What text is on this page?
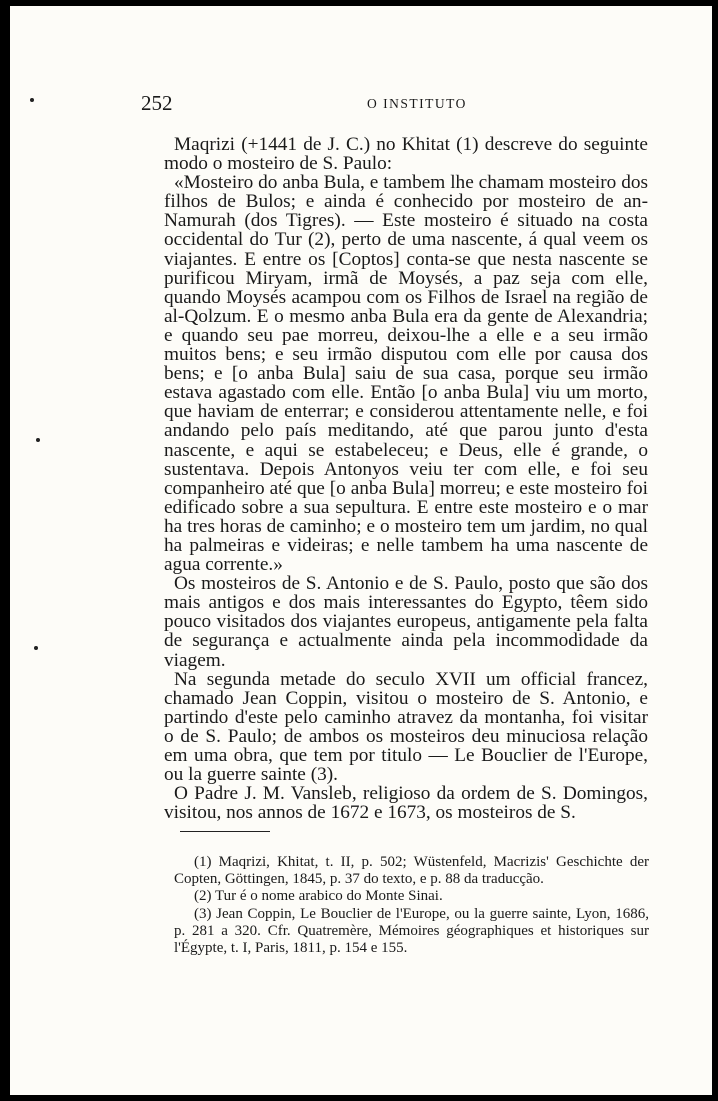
252	O INSTITUTO

Maqrizi (+1441 de J. C.) no Khitat (1) descreve do seguinte modo o mosteiro de S. Paulo:

«Mosteiro do anba Bula, e tambem lhe chamam mosteiro dos filhos de Bulos; e ainda é conhecido por mosteiro de an-Namurah (dos Tigres). — Este mosteiro é situado na costa occidental do Tur (2), perto de uma nascente, á qual veem os viajantes. E entre os [Coptos] conta-se que nesta nascente se purificou Miryam, irmã de Moysés, a paz seja com elle, quando Moysés acampou com os Filhos de Israel na região de al-Qolzum. E o mesmo anba Bula era da gente de Alexandria; e quando seu pae morreu, deixou-lhe a elle e a seu irmão muitos bens; e seu irmão disputou com elle por causa dos bens; e [o anba Bula] saiu de sua casa, porque seu irmão estava agastado com elle. Então [o anba Bula] viu um morto, que haviam de enterrar; e considerou attentamente nelle, e foi andando pelo país meditando, até que parou junto d'esta nascente, e aqui se estabeleceu; e Deus, elle é grande, o sustentava. Depois Antonyos veiu ter com elle, e foi seu companheiro até que [o anba Bula] morreu; e este mosteiro foi edificado sobre a sua sepultura. E entre este mosteiro e o mar ha tres horas de caminho; e o mosteiro tem um jardim, no qual ha palmeiras e videiras; e nelle tambem ha uma nascente de agua corrente.»

Os mosteiros de S. Antonio e de S. Paulo, posto que são dos mais antigos e dos mais interessantes do Egypto, têem sido pouco visitados dos viajantes europeus, antigamente pela falta de segurança e actualmente ainda pela incommodidade da viagem.

Na segunda metade do seculo XVII um official francez, chamado Jean Coppin, visitou o mosteiro de S. Antonio, e partindo d'este pelo caminho atravez da montanha, foi visitar o de S. Paulo; de ambos os mosteiros deu minuciosa relação em uma obra, que tem por titulo — Le Bouclier de l'Europe, ou la guerre sainte (3).

O Padre J. M. Vansleb, religioso da ordem de S. Domingos, visitou, nos annos de 1672 e 1673, os mosteiros de S.

(1) Maqrizi, Khitat, t. II, p. 502; Wüstenfeld, Macrizis' Geschichte der Copten, Göttingen, 1845, p. 37 do texto, e p. 88 da traducção.

(2) Tur é o nome arabico do Monte Sinai.

(3) Jean Coppin, Le Bouclier de l'Europe, ou la guerre sainte, Lyon, 1686, p. 281 a 320. Cfr. Quatremère, Mémoires géographiques et historiques sur l'Égypte, t. I, Paris, 1811, p. 154 e 155.
